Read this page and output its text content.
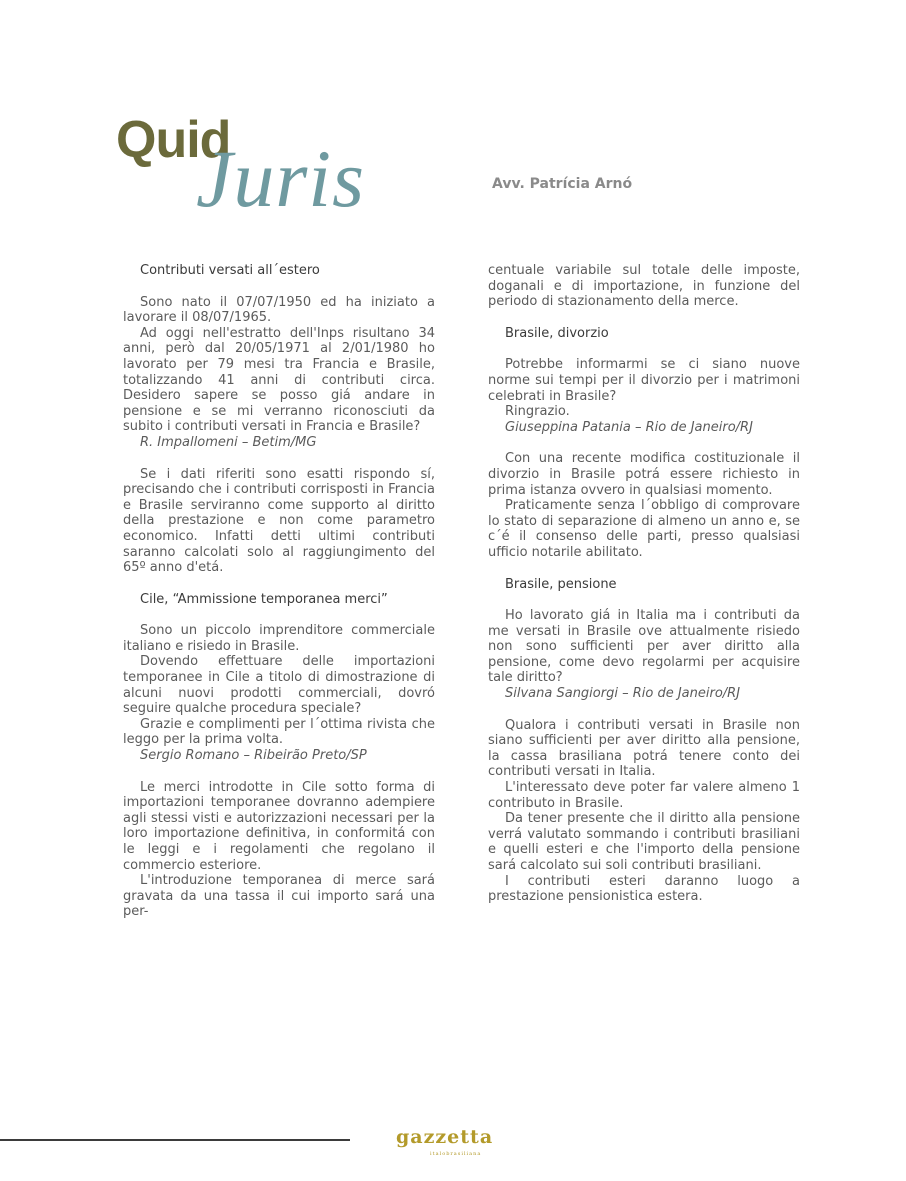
Quid
Juris	Avv. Patrícia Arnó

Contributi versati all´estero

Sono nato il 07/07/1950 ed ha iniziato a lavorare il 08/07/1965.

Ad oggi nell'estratto dell'Inps risultano 34 anni, però dal 20/05/1971 al 2/01/1980 ho lavorato per 79 mesi tra Francia e Brasile, totalizzando 41 anni di contributi circa. Desidero sapere se posso giá andare in pensione e se mi verranno riconosciuti da subito i contributi versati in Francia e Brasile?

R. Impallomeni – Betim/MG

Se i dati riferiti sono esatti rispondo sí, precisando che i contributi corrisposti in Francia e Brasile serviranno come supporto al diritto della prestazione e non come parametro economico. Infatti detti ultimi contributi saranno calcolati solo al raggiungimento del 65º anno d'etá.

Cile, “Ammissione temporanea merci”

Sono un piccolo imprenditore commerciale italiano e risiedo in Brasile.

Dovendo effettuare delle importazioni temporanee in Cile a titolo di dimostrazione di alcuni nuovi prodotti commerciali, dovró seguire qualche procedura speciale?

Grazie e complimenti per l´ottima rivista che leggo per la prima volta.

Sergio Romano – Ribeirão Preto/SP

Le merci introdotte in Cile sotto forma di importazioni temporanee dovranno adempiere agli stessi visti e autorizzazioni necessari per la loro importazione definitiva, in conformitá con le leggi e i regolamenti che regolano il commercio esteriore.

L'introduzione temporanea di merce sará gravata da una tassa il cui importo sará una per-

centuale variabile sul totale delle imposte, doganali e di importazione, in funzione del periodo di stazionamento della merce.

Brasile, divorzio

Potrebbe informarmi se ci siano nuove norme sui tempi per il divorzio per i matrimoni celebrati in Brasile?

Ringrazio.

Giuseppina Patania – Rio de Janeiro/RJ

Con una recente modifica costituzionale il divorzio in Brasile potrá essere richiesto in prima istanza ovvero in qualsiasi momento.

Praticamente senza l´obbligo di comprovare lo stato di separazione di almeno un anno e, se c´é il consenso delle parti, presso qualsiasi ufficio notarile abilitato.

Brasile, pensione

Ho lavorato giá in Italia ma i contributi da me versati in Brasile ove attualmente risiedo non sono sufficienti per aver diritto alla pensione, come devo regolarmi per acquisire tale diritto?

Silvana Sangiorgi – Rio de Janeiro/RJ

Qualora i contributi versati in Brasile non siano sufficienti per aver diritto alla pensione, la cassa brasiliana potrá tenere conto dei contributi versati in Italia.

L'interessato deve poter far valere almeno 1 contributo in Brasile.

Da tener presente che il diritto alla pensione verrá valutato sommando i contributi brasiliani e quelli esteri e che l'importo della pensione sará calcolato sui soli contributi brasiliani.

I contributi esteri daranno luogo a prestazione pensionistica estera.

gazzetta
italobrasiliana
